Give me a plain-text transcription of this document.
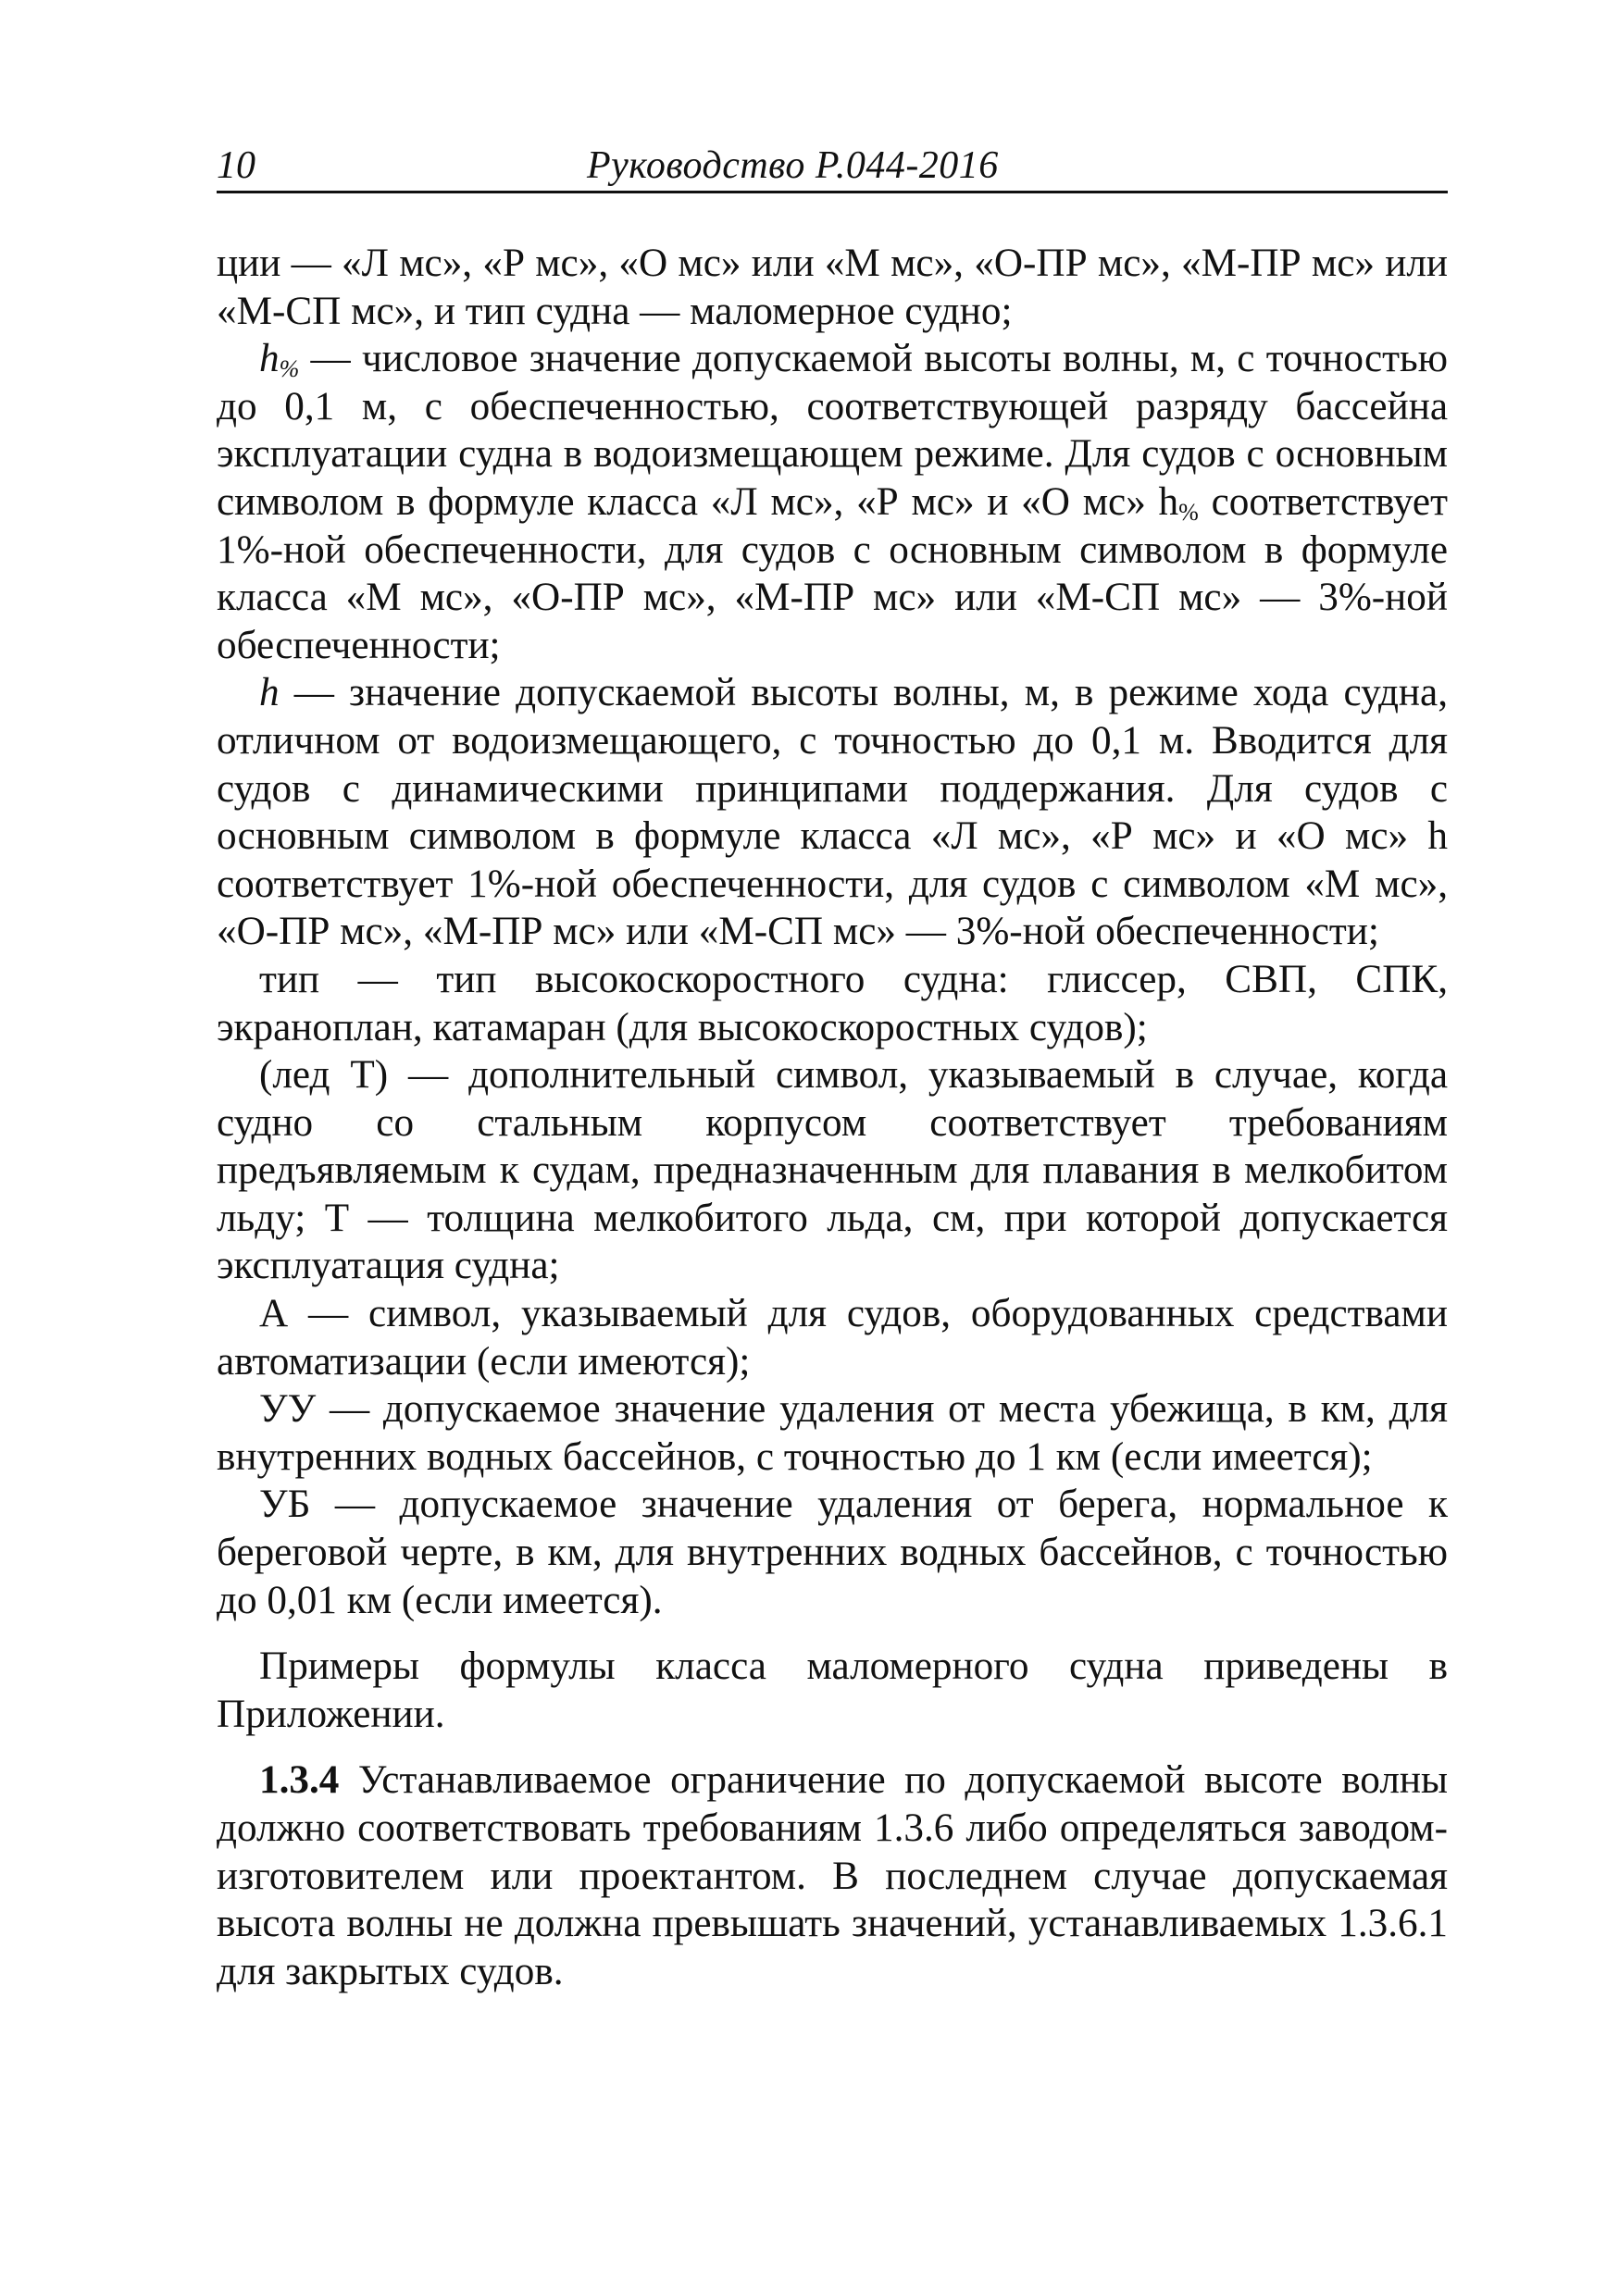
10	Руководство Р.044-2016

ции — «Л мс», «Р мс», «О мс» или «М мс», «О-ПР мс», «М-ПР мс» или «М-СП мс», и тип судна — маломерное судно;

$h_{\%}$ — числовое значение допускаемой высоты волны, м, с точностью до 0,1 м, с обеспеченностью, соответствующей разряду бассейна эксплуатации судна в водоизмещающем режиме. Для судов с основным символом в формуле класса «Л мс», «Р мс» и «О мс» $h_{\%}$ соответствует 1%-ной обеспеченности, для судов с основным символом в формуле класса «М мс», «О-ПР мс», «М-ПР мс» или «М-СП мс» — 3%-ной обеспеченности;

h — значение допускаемой высоты волны, м, в режиме хода судна, отличном от водоизмещающего, с точностью до 0,1 м. Вводится для судов с динамическими принципами поддержания. Для судов с основным символом в формуле класса «Л мс», «Р мс» и «О мс» h соответствует 1%-ной обеспеченности, для судов с символом «М мс», «О-ПР мс», «М-ПР мс» или «М-СП мс» — 3%-ной обеспеченности;

тип — тип высокоскоростного судна: глиссер, СВП, СПК, экраноплан, катамаран (для высокоскоростных судов);

(лед Т) — дополнительный символ, указываемый в случае, когда судно со стальным корпусом соответствует требованиям предъявляемым к судам, предназначенным для плавания в мелкобитом льду; Т — толщина мелкобитого льда, см, при которой допускается эксплуатация судна;

А — символ, указываемый для судов, оборудованных средствами автоматизации (если имеются);

УУ — допускаемое значение удаления от места убежища, в км, для внутренних водных бассейнов, с точностью до 1 км (если имеется);

УБ — допускаемое значение удаления от берега, нормальное к береговой черте, в км, для внутренних водных бассейнов, с точностью до 0,01 км (если имеется).

Примеры формулы класса маломерного судна приведены в Приложении.

1.3.4 Устанавливаемое ограничение по допускаемой высоте волны должно соответствовать требованиям 1.3.6 либо определяться заводом-изготовителем или проектантом. В последнем случае допускаемая высота волны не должна превышать значений, устанавливаемых 1.3.6.1 для закрытых судов.
